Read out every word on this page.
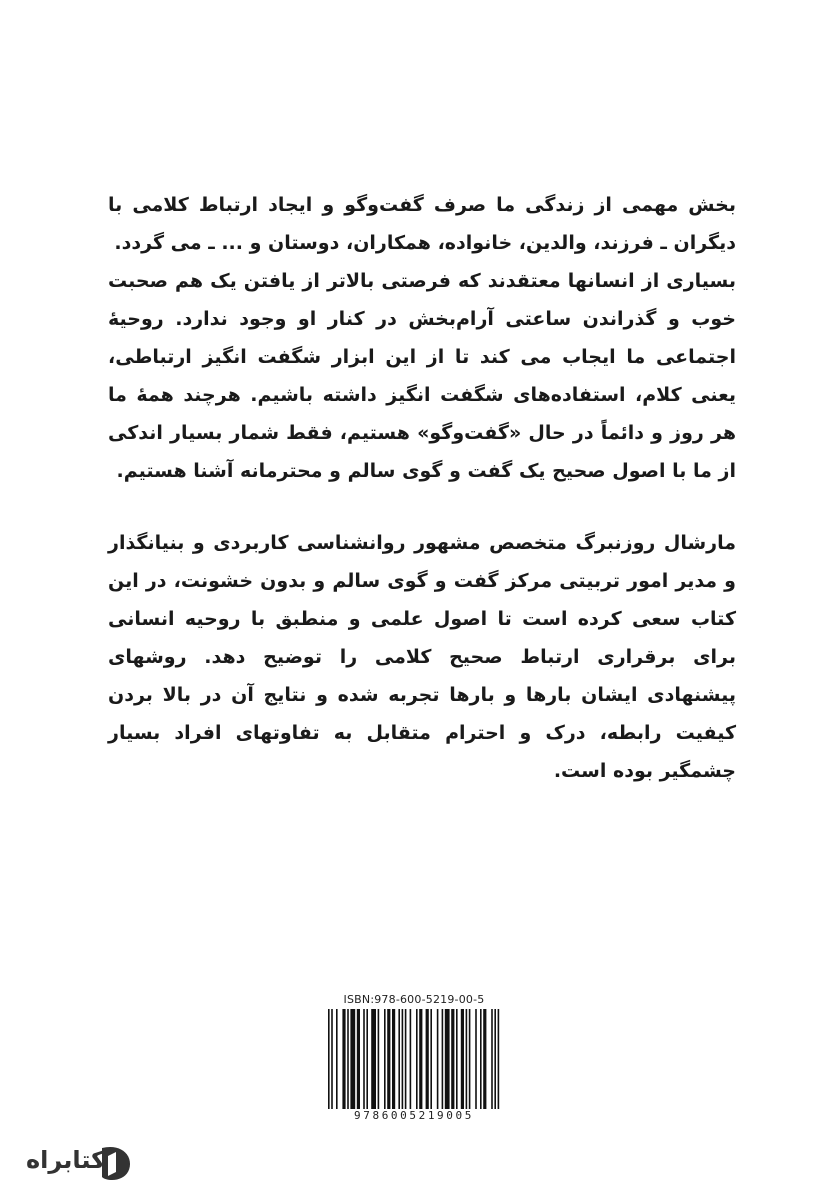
بخش مهمی از زندگی ما صرف گفت‌وگو و ایجاد ارتباط کلامی با دیگران ـ فرزند، والدین، خانواده، همکاران، دوستان و ... ـ می گردد.

بسیاری از انسانها معتقدند که فرصتی بالاتر از یافتن یک هم صحبت خوب و گذراندن ساعتی آرام‌بخش در کنار او وجود ندارد. روحیهٔ اجتماعی ما ایجاب می کند تا از این ابزار شگفت انگیز ارتباطی، یعنی کلام، استفاده‌های شگفت انگیز داشته باشیم. هرچند همهٔ ما هر روز و دائماً در حال «گفت‌وگو» هستیم، فقط شمار بسیار اندکی از ما با اصول صحیح یک گفت و گوی سالم و محترمانه آشنا هستیم.

مارشال روزنبرگ متخصص مشهور روانشناسی کاربردی و بنیانگذار و مدیر امور تربیتی مرکز گفت و گوی سالم و بدون خشونت، در این کتاب سعی کرده است تا اصول علمی و منطبق با روحیه انسانی برای برقراری ارتباط صحیح کلامی را توضیح دهد. روشهای پیشنهادی ایشان بارها و بارها تجربه شده و نتایج آن در بالا بردن کیفیت رابطه، درک و احترام متقابل به تفاوتهای افراد بسیار چشمگیر بوده است.

ISBN:978-600-5219-00-5
9786005219005
کتابراه
